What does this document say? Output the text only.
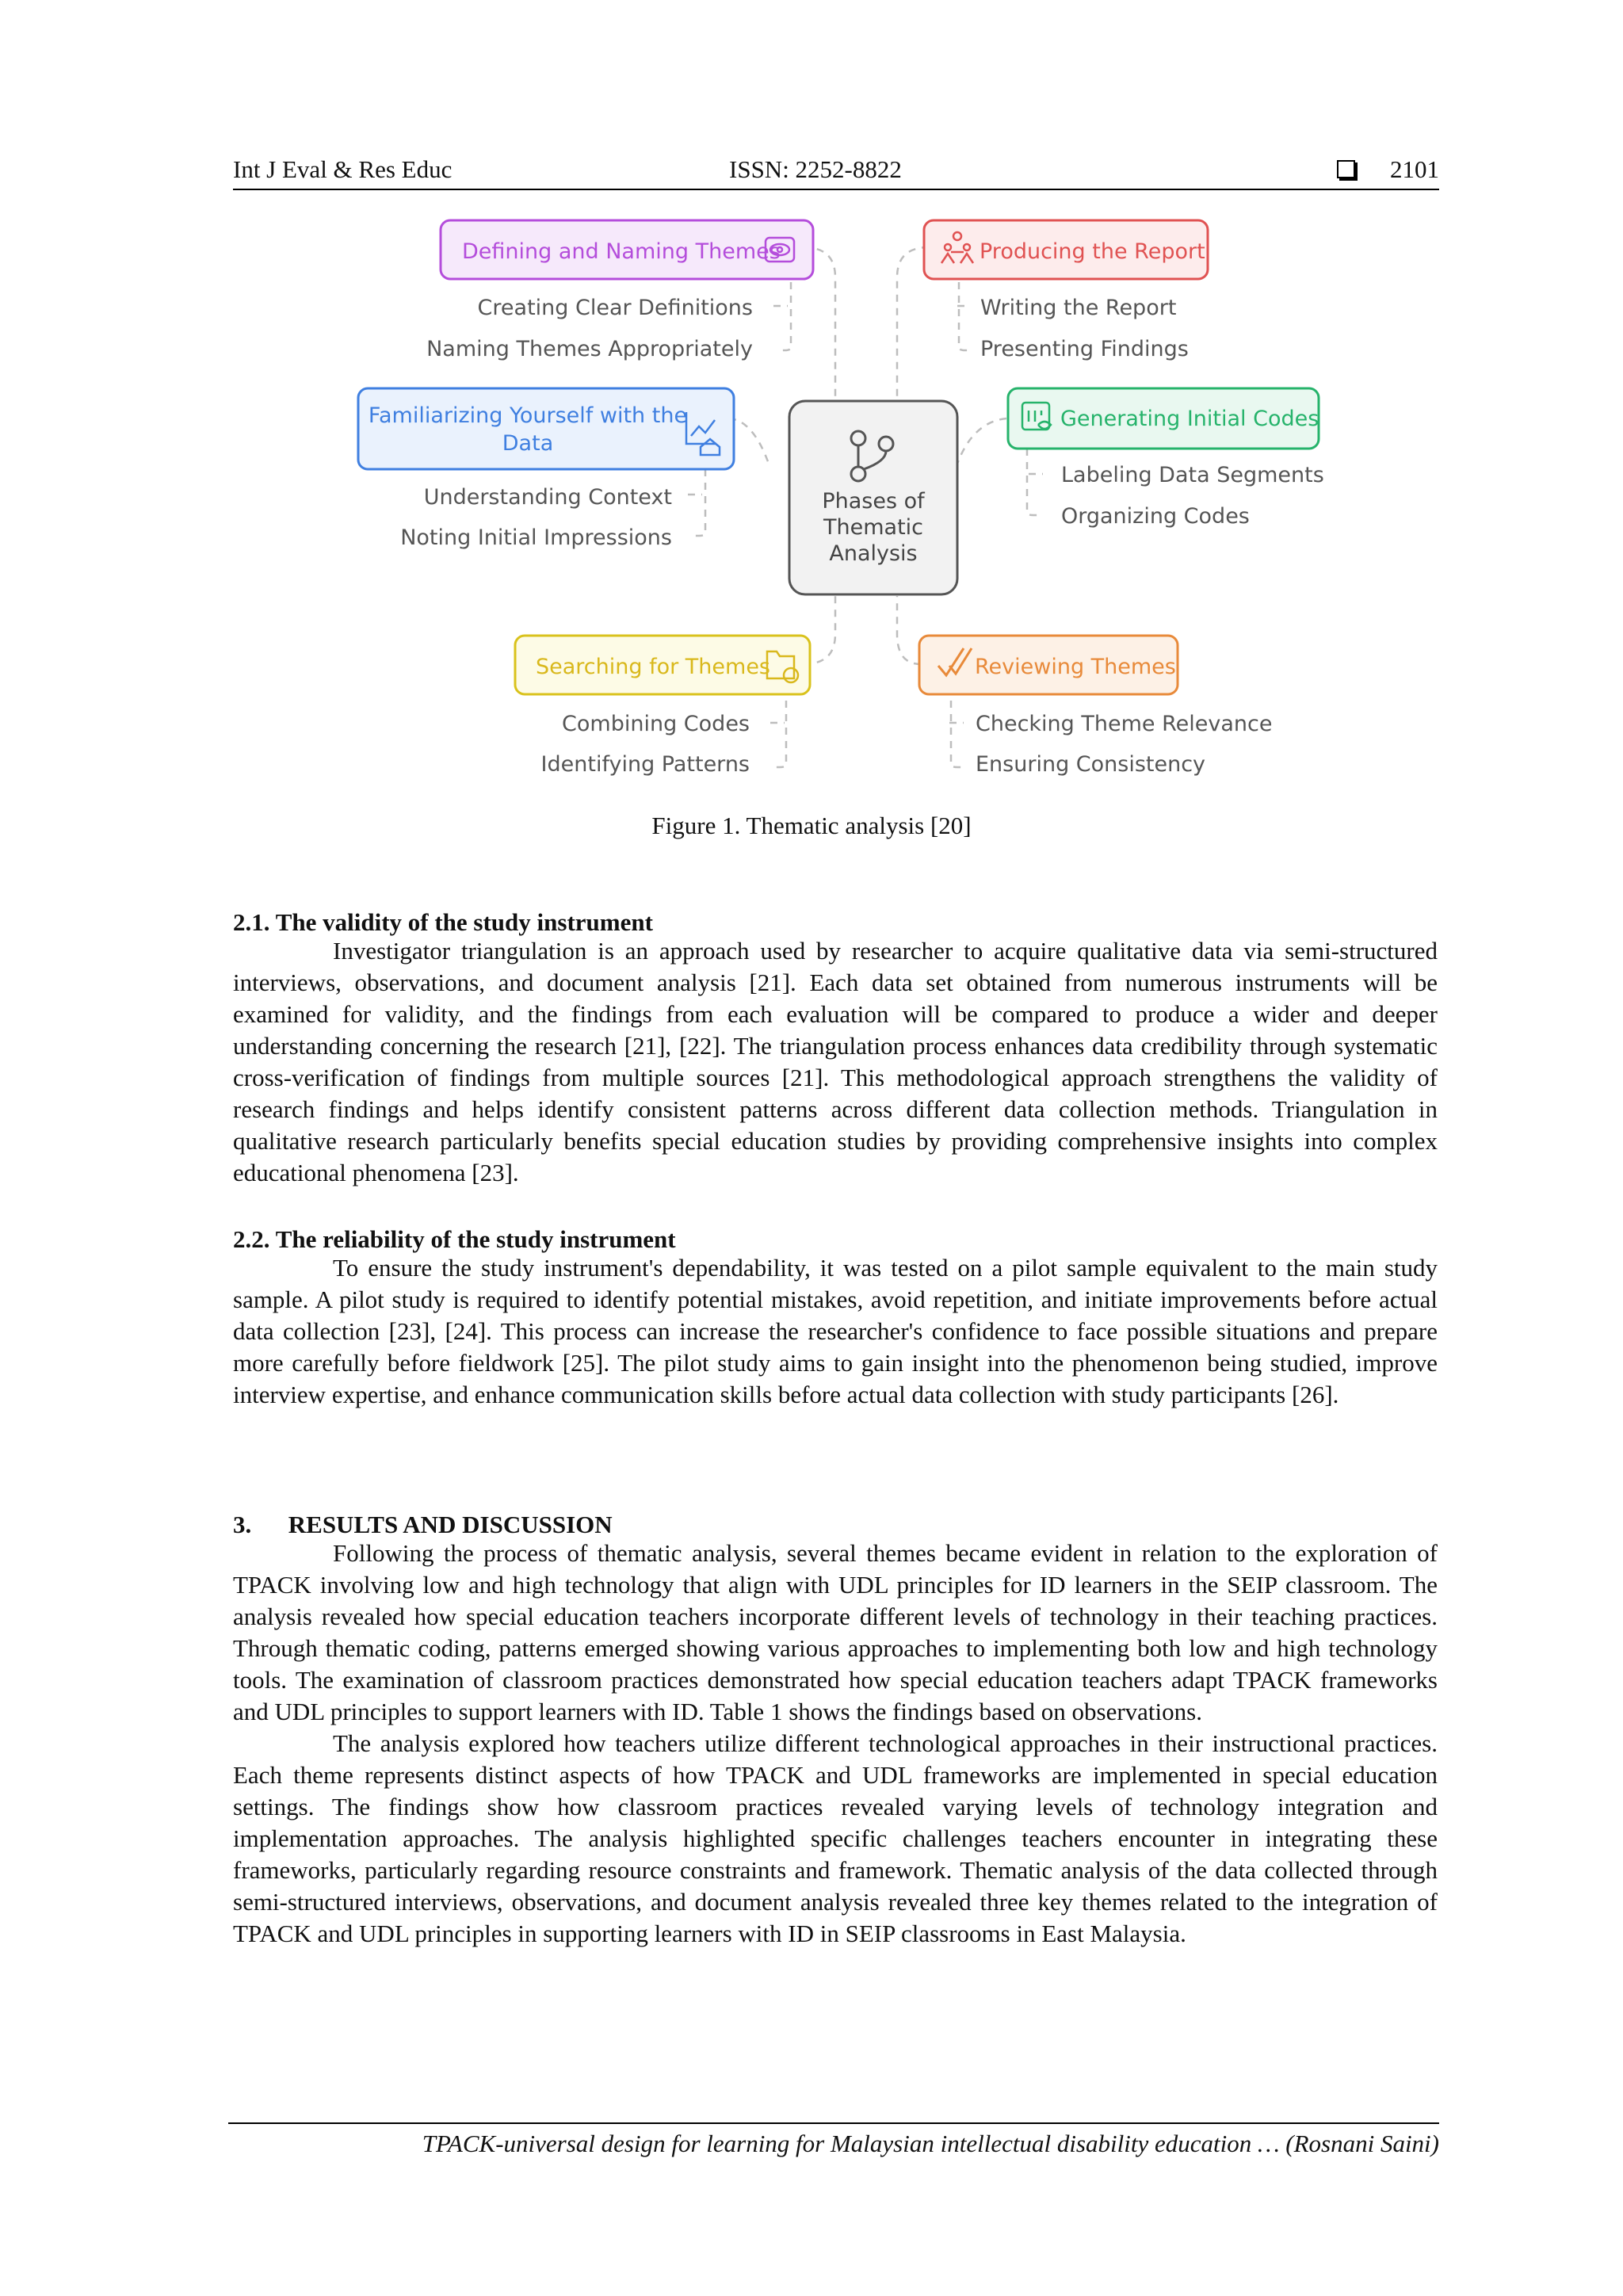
Int J Eval & Res Educ	ISSN: 2252-8822	2101
Phases of
Thematic
Analysis
Defining and Naming Themes
Creating Clear Definitions
Naming Themes Appropriately
Producing the Report
Writing the Report
Presenting Findings
Familiarizing Yourself with the
Data
Understanding Context
Noting Initial Impressions
Generating Initial Codes
Labeling Data Segments
Organizing Codes
Searching for Themes
Combining Codes
Identifying Patterns
Reviewing Themes
Checking Theme Relevance
Ensuring Consistency
Figure 1. Thematic analysis [20]
2.1. The validity of the study instrument

Investigator triangulation is an approach used by researcher to acquire qualitative data via semi-structured interviews, observations, and document analysis [21]. Each data set obtained from numerous instruments will be examined for validity, and the findings from each evaluation will be compared to produce a wider and deeper understanding concerning the research [21], [22]. The triangulation process enhances data credibility through systematic cross-verification of findings from multiple sources [21]. This methodological approach strengthens the validity of research findings and helps identify consistent patterns across different data collection methods. Triangulation in qualitative research particularly benefits special education studies by providing comprehensive insights into complex educational phenomena [23].

2.2. The reliability of the study instrument

To ensure the study instrument's dependability, it was tested on a pilot sample equivalent to the main study sample. A pilot study is required to identify potential mistakes, avoid repetition, and initiate improvements before actual data collection [23], [24]. This process can increase the researcher's confidence to face possible situations and prepare more carefully before fieldwork [25]. The pilot study aims to gain insight into the phenomenon being studied, improve interview expertise, and enhance communication skills before actual data collection with study participants [26].

3.      RESULTS AND DISCUSSION

Following the process of thematic analysis, several themes became evident in relation to the exploration of TPACK involving low and high technology that align with UDL principles for ID learners in the SEIP classroom. The analysis revealed how special education teachers incorporate different levels of technology in their teaching practices. Through thematic coding, patterns emerged showing various approaches to implementing both low and high technology tools. The examination of classroom practices demonstrated how special education teachers adapt TPACK frameworks and UDL principles to support learners with ID. Table 1 shows the findings based on observations.

The analysis explored how teachers utilize different technological approaches in their instructional practices. Each theme represents distinct aspects of how TPACK and UDL frameworks are implemented in special education settings. The findings show how classroom practices revealed varying levels of technology integration and implementation approaches. The analysis highlighted specific challenges teachers encounter in integrating these frameworks, particularly regarding resource constraints and framework. Thematic analysis of the data collected through semi-structured interviews, observations, and document analysis revealed three key themes related to the integration of TPACK and UDL principles in supporting learners with ID in SEIP classrooms in East Malaysia.

TPACK-universal design for learning for Malaysian intellectual disability education … (Rosnani Saini)
